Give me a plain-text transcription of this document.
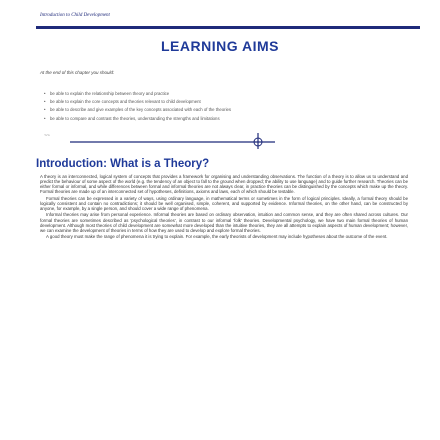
Introduction to Child Development
LEARNING AIMS
At the end of this chapter you should:
• be able to explain the relationship between theory and practice
• be able to explain the core concepts and theories relevant to child development
• be able to describe and give examples of the key concepts associated with each of the theories
• be able to compare and contrast the theories, understanding the strengths and limitations
~~
Introduction: What is a Theory?

A theory is an interconnected, logical system of concepts that provides a framework for organising and understanding observations. The function of a theory is to allow us to understand and predict the behaviour of some aspect of the world (e.g. the tendency of an object to fall to the ground when dropped; the ability to use language) and to guide further research. Theories can be either formal or informal, and while differences between formal and informal theories are not always clear, in practice theories can be distinguished by the concepts which make up the theory. Formal theories are made up of an interconnected set of hypotheses, definitions, axioms and laws, each of which should be testable.

Formal theories can be expressed in a variety of ways, using ordinary language, in mathematical terms or sometimes in the form of logical principles. Ideally, a formal theory should be logically consistent and contain no contradictions; it should be well organised, simple, coherent, and supported by evidence. Informal theories, on the other hand, can be constructed by anyone, for example, by a single person, and should cover a wide range of phenomena.

Informal theories may arise from personal experience. Informal theories are based on ordinary observation, intuition and common sense, and they are often shared across cultures. Our formal theories are sometimes described as 'psychological theories', in contrast to our informal 'folk' theories. Developmental psychology, we have two main formal theories of human development. Although most theories of child development are somewhat more developed than the intuitive theories, they are all attempts to explain aspects of human development; however, we can examine the development of theories in terms of how they are used to develop and explore formal theories.

A good theory must make the range of phenomena it is trying to explain. For example, the early theorists of development may include hypotheses about the outcome of the event.
